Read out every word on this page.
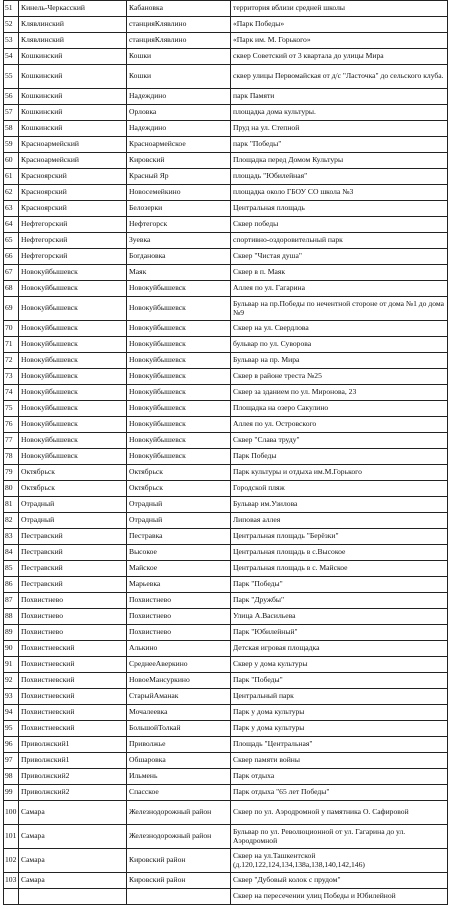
51	Кинель-Черкасский	Кабановка	территория вблизи средней школы
52	Клявлинский	станцияКлявлино	«Парк Победы»
53	Клявлинский	станцияКлявлино	«Парк им. М. Горького»
54	Кошкинский	Кошки	сквер Советский от 3 квартала до улицы Мира
55	Кошкинский	Кошки	сквер улицы Первомайская от д/с "Ласточка" до сельского клуба.
56	Кошкинский	Надеждино	парк Памяти
57	Кошкинский	Орловка	площадка дома культуры.
58	Кошкинский	Надеждино	Пруд на ул. Степной
59	Красноармейский	Красноармейское	парк "Победы"
60	Красноармейский	Кировский	Площадка перед Домом Культуры
61	Красноярский	Красный Яр	площадь "Юбилейная"
62	Красноярский	Новосемейкино	площадка около ГБОУ СО школа №3
63	Красноярский	Белозерки	Центральная площадь
64	Нефтегорский	Нефтегорск	Сквер победы
65	Нефтегорский	Зуевка	спортивно-оздоровительный парк
66	Нефтегорский	Богдановка	Сквер "Чистая душа"
67	Новокуйбышевск	Маяк	Сквер в п. Маяк
68	Новокуйбышевск	Новокуйбышевск	Аллея по ул. Гагарина
69	Новокуйбышевск	Новокуйбышевск	Бульвар на пр.Победы по нечентной стороне от дома №1 до дома №9
70	Новокуйбышевск	Новокуйбышевск	Сквер на ул. Свердлова
71	Новокуйбышевск	Новокуйбышевск	бульвар по ул. Суворова
72	Новокуйбышевск	Новокуйбышевск	Бульвар на пр. Мира
73	Новокуйбышевск	Новокуйбышевск	Сквер в районе треста №25
74	Новокуйбышевск	Новокуйбышевск	Сквер за зданием по ул. Миронова, 23
75	Новокуйбышевск	Новокуйбышевск	Площадка на озеро Сакулино
76	Новокуйбышевск	Новокуйбышевск	Аллея по ул. Островского
77	Новокуйбышевск	Новокуйбышевск	Сквер "Слава труду"
78	Новокуйбышевск	Новокуйбышевск	Парк Победы
79	Октябрьск	Октябрьск	Парк культуры и отдыха им.М.Горького
80	Октябрьск	Октябрьск	Городской пляж
81	Отрадный	Отрадный	Бульвар им.Узилова
82	Отрадный	Отрадный	Липовая аллея
83	Пестравский	Пестравка	Центральная площадь "Берёзки"
84	Пестравский	Высокое	Центральная площадь в с.Высокое
85	Пестравский	Майское	Центральная площадь в с. Майское
86	Пестравский	Марьевка	Парк "Победы"
87	Похвистнево	Похвистнево	Парк "Дружбы"
88	Похвистнево	Похвистнево	Улица А.Васильева
89	Похвистнево	Похвистнево	Парк "Юбилейный"
90	Похвистневский	Алькино	Детская игровая площадка
91	Похвистневский	СреднееАверкино	Сквер у дома культуры
92	Похвистневский	НовоеМансуркино	Парк "Победы"
93	Похвистневский	СтарыйАманак	Центральный парк
94	Похвистневский	Мочалеевка	Парк у дома культуры
95	Похвистневский	БольшойТолкай	Парк у дома культуры
96	Приволжский1	Приволжье	Площадь "Центральная"
97	Приволжский1	Обшаровка	Сквер памяти войны
98	Приволжский2	Ильмень	Парк отдыха
99	Приволжский2	Спасское	Парк отдыха "65 лет Победы"
100	Самара	Железнодорожный район	Сквер по ул. Аэродромной у памятника О. Сафировой
101	Самара	Железнодорожный район	Бульвар по ул. Революционной от ул. Гагарина до ул. Аэродромной
102	Самара	Кировский район	Сквер на ул.Ташкентской (д.120,122,124,134,138а,138,140,142,146)
103	Самара	Кировский район	Сквер "Дубовый колок с прудом"
			Сквер на пересечении улиц Победы и Юбилейной
